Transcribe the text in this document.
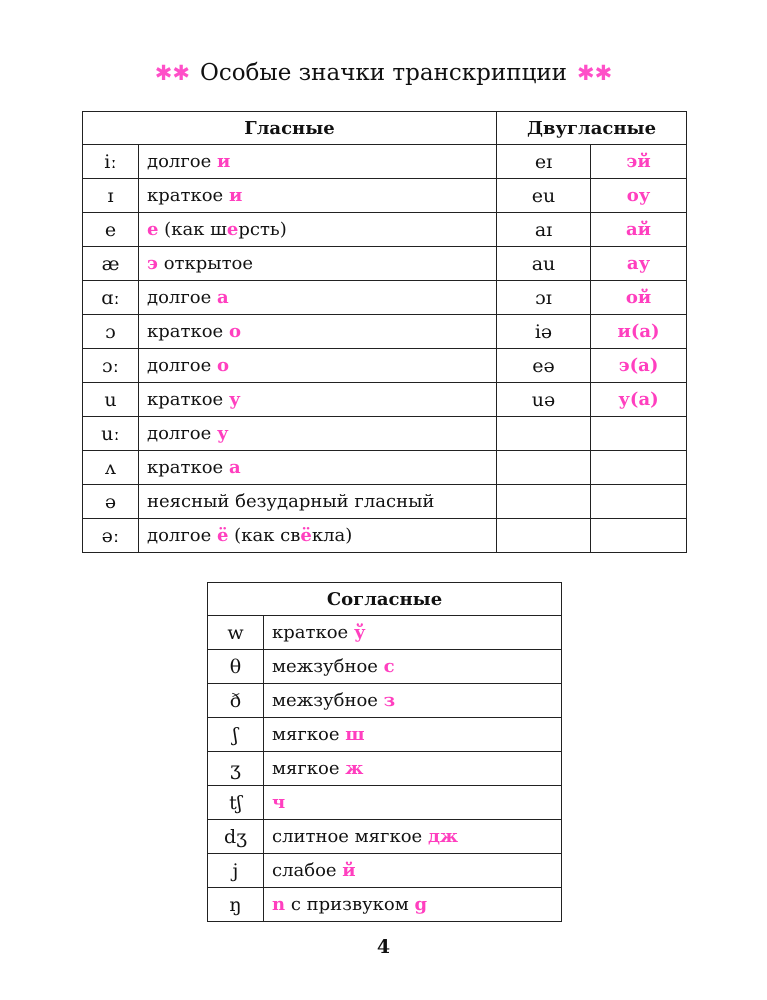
✱✱ Особые значки транскрипции ✱✱
Гласные		Двугласные	
iː	долгое и	eɪ	эй
ɪ	краткое и	eu	оу
e	е (как шерсть)	aɪ	ай
æ	э открытое	au	ау
ɑː	долгое а	ɔɪ	ой
ɔ	краткое о	iə	и(а)
ɔː	долгое о	eə	э(а)
u	краткое у	uə	у(а)
uː	долгое у		
ʌ	краткое а		
ə	неясный безударный гласный		
əː	долгое ё (как свёкла)		
Согласные	
w	краткое ў
θ	межзубное с
ð	межзубное з
ʃ	мягкое ш
ʒ	мягкое ж
tʃ	ч
dʒ	слитное мягкое дж
j	слабое й
ŋ	n с призвуком g
4
